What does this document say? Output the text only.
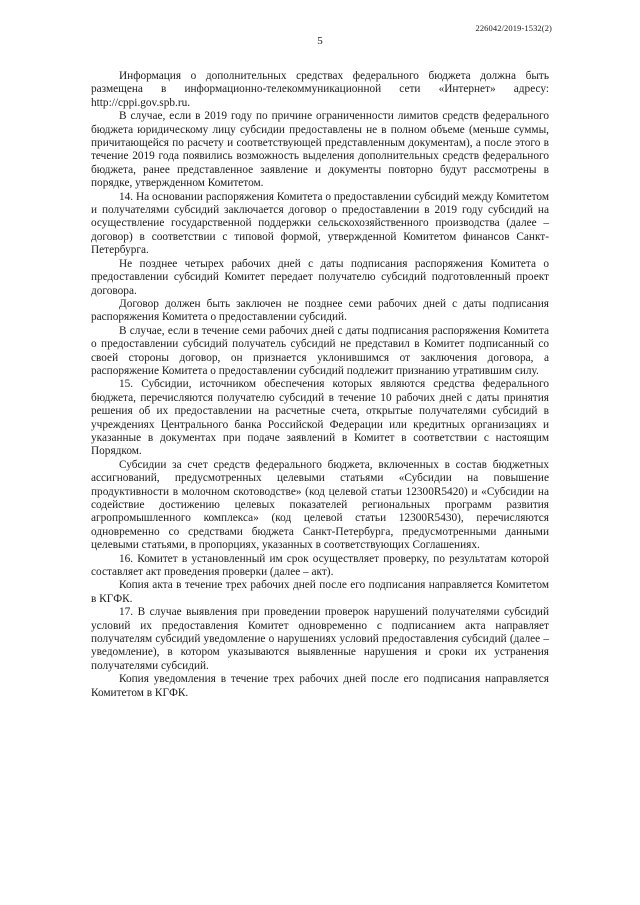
226042/2019-1532(2)
5

Информация о дополнительных средствах федерального бюджета должна быть размещена в информационно-телекоммуникационной сети «Интернет» адресу: http://cppi.gov.spb.ru.

В случае, если в 2019 году по причине ограниченности лимитов средств федерального бюджета юридическому лицу субсидии предоставлены не в полном объеме (меньше суммы, причитающейся по расчету и соответствующей представленным документам), а после этого в течение 2019 года появились возможность выделения дополнительных средств федерального бюджета, ранее представленное заявление и документы повторно будут рассмотрены в порядке, утвержденном Комитетом.

14. На основании распоряжения Комитета о предоставлении субсидий между Комитетом и получателями субсидий заключается договор о предоставлении в 2019 году субсидий на осуществление государственной поддержки сельскохозяйственного производства (далее – договор) в соответствии с типовой формой, утвержденной Комитетом финансов Санкт-Петербурга.

Не позднее четырех рабочих дней с даты подписания распоряжения Комитета о предоставлении субсидий Комитет передает получателю субсидий подготовленный проект договора.

Договор должен быть заключен не позднее семи рабочих дней с даты подписания распоряжения Комитета о предоставлении субсидий.

В случае, если в течение семи рабочих дней с даты подписания распоряжения Комитета о предоставлении субсидий получатель субсидий не представил в Комитет подписанный со своей стороны договор, он признается уклонившимся от заключения договора, а распоряжение Комитета о предоставлении субсидий подлежит признанию утратившим силу.

15. Субсидии, источником обеспечения которых являются средства федерального бюджета, перечисляются получателю субсидий в течение 10 рабочих дней с даты принятия решения об их предоставлении на расчетные счета, открытые получателями субсидий в учреждениях Центрального банка Российской Федерации или кредитных организациях и указанные в документах при подаче заявлений в Комитет в соответствии с настоящим Порядком.

Субсидии за счет средств федерального бюджета, включенных в состав бюджетных ассигнований, предусмотренных целевыми статьями «Субсидии на повышение продуктивности в молочном скотоводстве» (код целевой статьи 12300R5420) и «Субсидии на содействие достижению целевых показателей региональных программ развития агропромышленного комплекса» (код целевой статьи 12300R5430), перечисляются одновременно со средствами бюджета Санкт-Петербурга, предусмотренными данными целевыми статьями, в пропорциях, указанных в соответствующих Соглашениях.

16. Комитет в установленный им срок осуществляет проверку, по результатам которой составляет акт проведения проверки (далее – акт).

Копия акта в течение трех рабочих дней после его подписания направляется Комитетом в КГФК.

17. В случае выявления при проведении проверок нарушений получателями субсидий условий их предоставления Комитет одновременно с подписанием акта направляет получателям субсидий уведомление о нарушениях условий предоставления субсидий (далее – уведомление), в котором указываются выявленные нарушения и сроки их устранения получателями субсидий.

Копия уведомления в течение трех рабочих дней после его подписания направляется Комитетом в КГФК.
